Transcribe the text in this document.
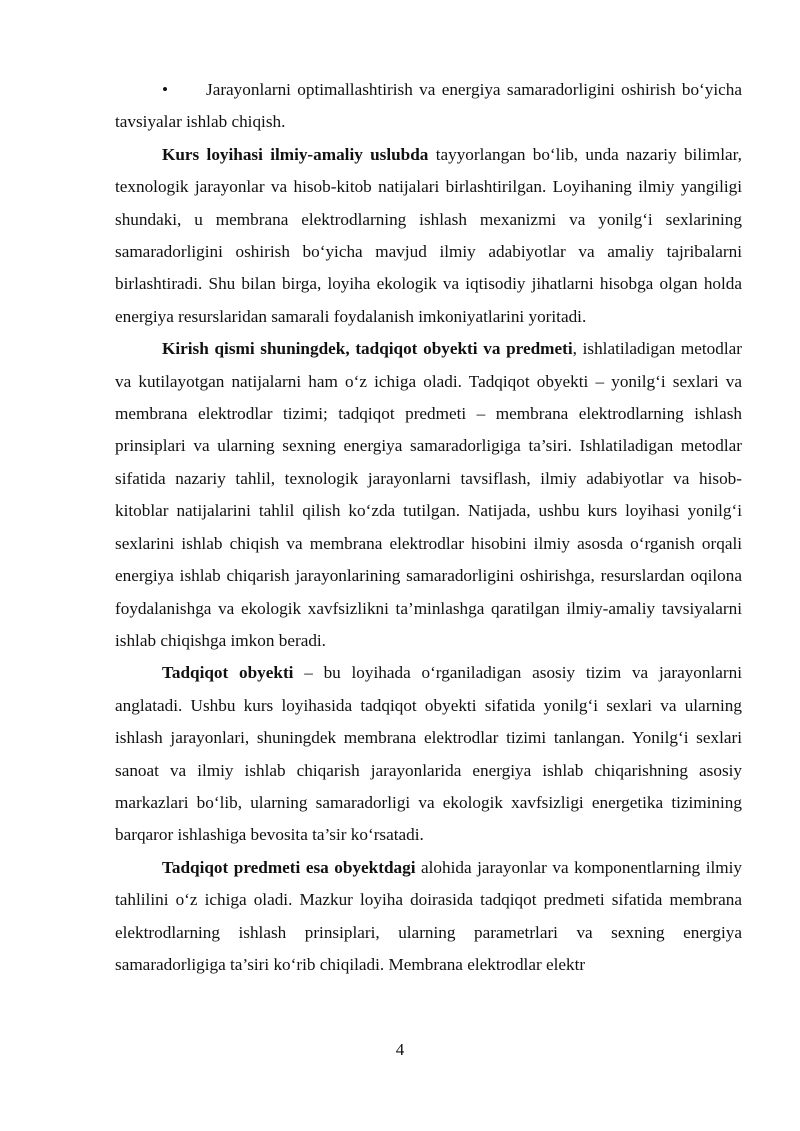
• Jarayonlarni optimallashtirish va energiya samaradorligini oshirish bo‘yicha tavsiyalar ishlab chiqish.

Kurs loyihasi ilmiy-amaliy uslubda tayyorlangan bo‘lib, unda nazariy bilimlar, texnologik jarayonlar va hisob-kitob natijalari birlashtirilgan. Loyihaning ilmiy yangiligi shundaki, u membrana elektrodlarning ishlash mexanizmi va yonilg‘i sexlarining samaradorligini oshirish bo‘yicha mavjud ilmiy adabiyotlar va amaliy tajribalarni birlashtiradi. Shu bilan birga, loyiha ekologik va iqtisodiy jihatlarni hisobga olgan holda energiya resurslaridan samarali foydalanish imkoniyatlarini yoritadi.

Kirish qismi shuningdek, tadqiqot obyekti va predmeti, ishlatiladigan metodlar va kutilayotgan natijalarni ham o‘z ichiga oladi. Tadqiqot obyekti – yonilg‘i sexlari va membrana elektrodlar tizimi; tadqiqot predmeti – membrana elektrodlarning ishlash prinsiplari va ularning sexning energiya samaradorligiga ta’siri. Ishlatiladigan metodlar sifatida nazariy tahlil, texnologik jarayonlarni tavsiflash, ilmiy adabiyotlar va hisob-kitoblar natijalarini tahlil qilish ko‘zda tutilgan. Natijada, ushbu kurs loyihasi yonilg‘i sexlarini ishlab chiqish va membrana elektrodlar hisobini ilmiy asosda o‘rganish orqali energiya ishlab chiqarish jarayonlarining samaradorligini oshirishga, resurslardan oqilona foydalanishga va ekologik xavfsizlikni ta’minlashga qaratilgan ilmiy-amaliy tavsiyalarni ishlab chiqishga imkon beradi.

Tadqiqot obyekti – bu loyihada o‘rganiladigan asosiy tizim va jarayonlarni anglatadi. Ushbu kurs loyihasida tadqiqot obyekti sifatida yonilg‘i sexlari va ularning ishlash jarayonlari, shuningdek membrana elektrodlar tizimi tanlangan. Yonilg‘i sexlari sanoat va ilmiy ishlab chiqarish jarayonlarida energiya ishlab chiqarishning asosiy markazlari bo‘lib, ularning samaradorligi va ekologik xavfsizligi energetika tizimining barqaror ishlashiga bevosita ta’sir ko‘rsatadi.

Tadqiqot predmeti esa obyektdagi alohida jarayonlar va komponentlarning ilmiy tahlilini o‘z ichiga oladi. Mazkur loyiha doirasida tadqiqot predmeti sifatida membrana elektrodlarning ishlash prinsiplari, ularning parametrlari va sexning energiya samaradorligiga ta’siri ko‘rib chiqiladi. Membrana elektrodlar elektr

4
